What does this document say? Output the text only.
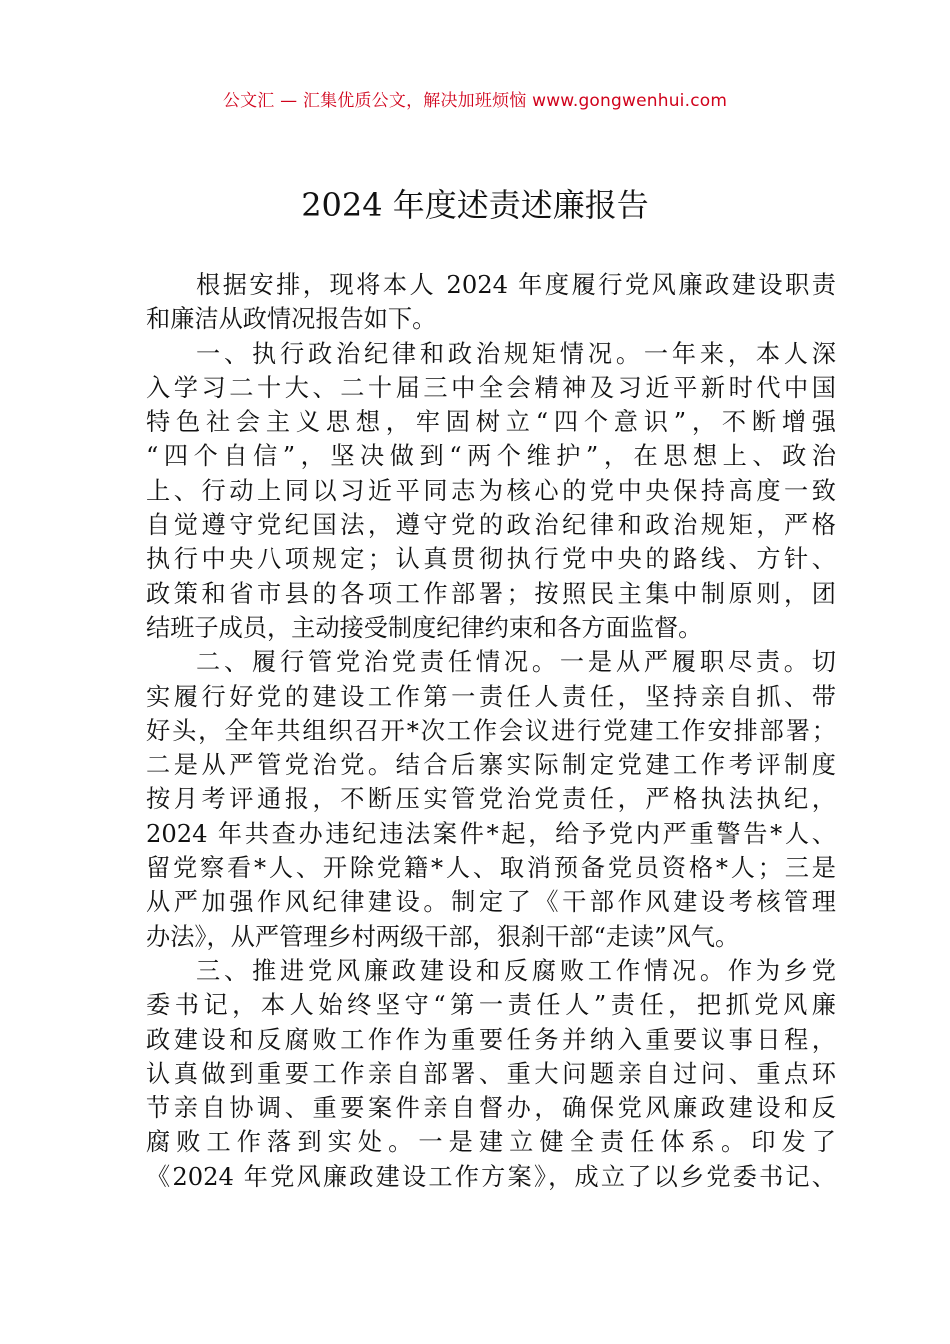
公文汇 — 汇集优质公文，解决加班烦恼 www.gongwenhui.com
2024 年度述责述廉报告
根据安排，现将本人 2024 年度履行党风廉政建设职责
和廉洁从政情况报告如下。
一、执行政治纪律和政治规矩情况。一年来，本人深
入学习二十大、二十届三中全会精神及习近平新时代中国
特色社会主义思想，牢固树立“四个意识”，不断增强
“四个自信”，坚决做到“两个维护”，在思想上、政治
上、行动上同以习近平同志为核心的党中央保持高度一致
自觉遵守党纪国法，遵守党的政治纪律和政治规矩，严格
执行中央八项规定；认真贯彻执行党中央的路线、方针、
政策和省市县的各项工作部署；按照民主集中制原则，团
结班子成员，主动接受制度纪律约束和各方面监督。
二、履行管党治党责任情况。一是从严履职尽责。切
实履行好党的建设工作第一责任人责任，坚持亲自抓、带
好头，全年共组织召开*次工作会议进行党建工作安排部署；
二是从严管党治党。结合后寨实际制定党建工作考评制度
按月考评通报，不断压实管党治党责任，严格执法执纪，
2024 年共查办违纪违法案件*起，给予党内严重警告*人、
留党察看*人、开除党籍*人、取消预备党员资格*人；三是
从严加强作风纪律建设。制定了《干部作风建设考核管理
办法》，从严管理乡村两级干部，狠刹干部“走读”风气。
三、推进党风廉政建设和反腐败工作情况。作为乡党
委书记，本人始终坚守“第一责任人”责任，把抓党风廉
政建设和反腐败工作作为重要任务并纳入重要议事日程，
认真做到重要工作亲自部署、重大问题亲自过问、重点环
节亲自协调、重要案件亲自督办，确保党风廉政建设和反
腐败工作落到实处。一是建立健全责任体系。印发了
《2024 年党风廉政建设工作方案》，成立了以乡党委书记、
